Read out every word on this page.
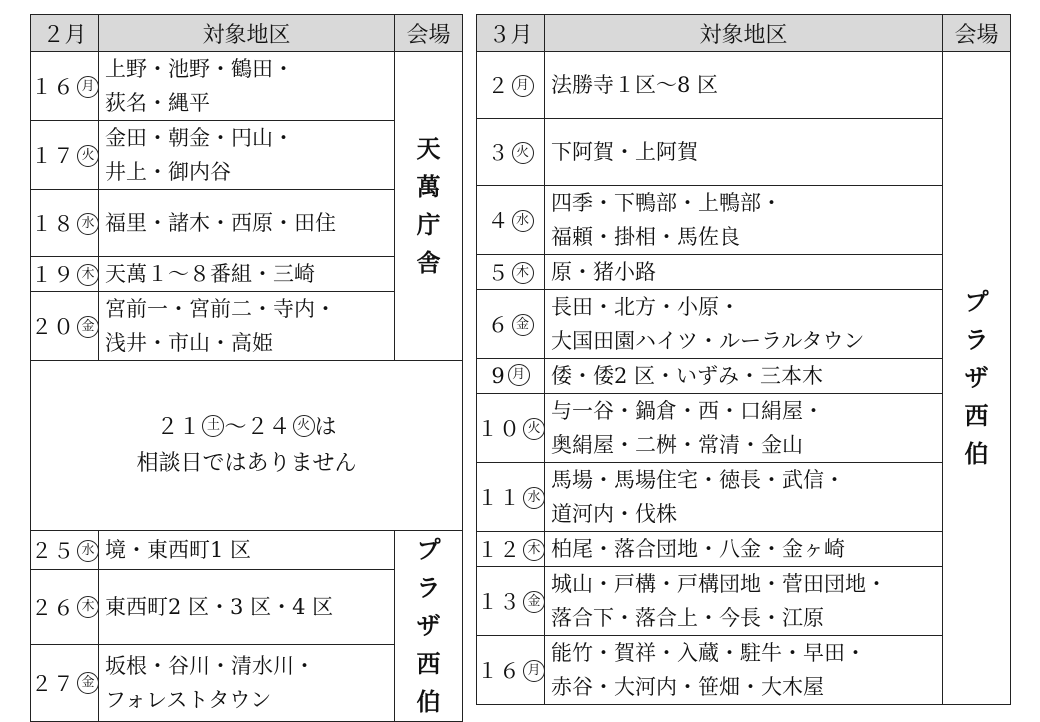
２月	対象地区	会場
１６ 月	上野・池野・鶴田・
荻名・縄平	天
萬
庁
舎

１７ 火	金田・朝金・円山・
井上・御内谷	

１８ 水	福里・諸木・西原・田住	

１９ 木	天萬１〜８番組・三崎	

２０ 金	宮前一・宮前二・寺内・
浅井・市山・高姫	

２１ 土 〜２４ 火 は
相談日ではありません		

２５ 水	境・東西町1 区	プ
ラ
ザ
西
伯

２６ 木	東西町2 区・3 区・4 区	

２７ 金	坂根・谷川・清水川・
フォレストタウン	
３月	対象地区	会場
２ 月	法勝寺１区〜8 区	プ
ラ
ザ
西
伯

３ 火	下阿賀・上阿賀	

４ 水	四季・下鴨部・上鴨部・
福頼・掛相・馬佐良	

５ 木	原・猪小路	

６ 金	長田・北方・小原・
大国田園ハイツ・ルーラルタウン	

9 月	倭・倭2 区・いずみ・三本木	

１０ 火	与一谷・鍋倉・西・口絹屋・
奥絹屋・二桝・常清・金山	

１１ 水	馬場・馬場住宅・徳長・武信・
道河内・伐株	

１２ 木	柏尾・落合団地・八金・金ヶ崎	

１３ 金	城山・戸構・戸構団地・菅田団地・
落合下・落合上・今長・江原	

１６ 月	能竹・賀祥・入蔵・駐牛・早田・
赤谷・大河内・笹畑・大木屋	
